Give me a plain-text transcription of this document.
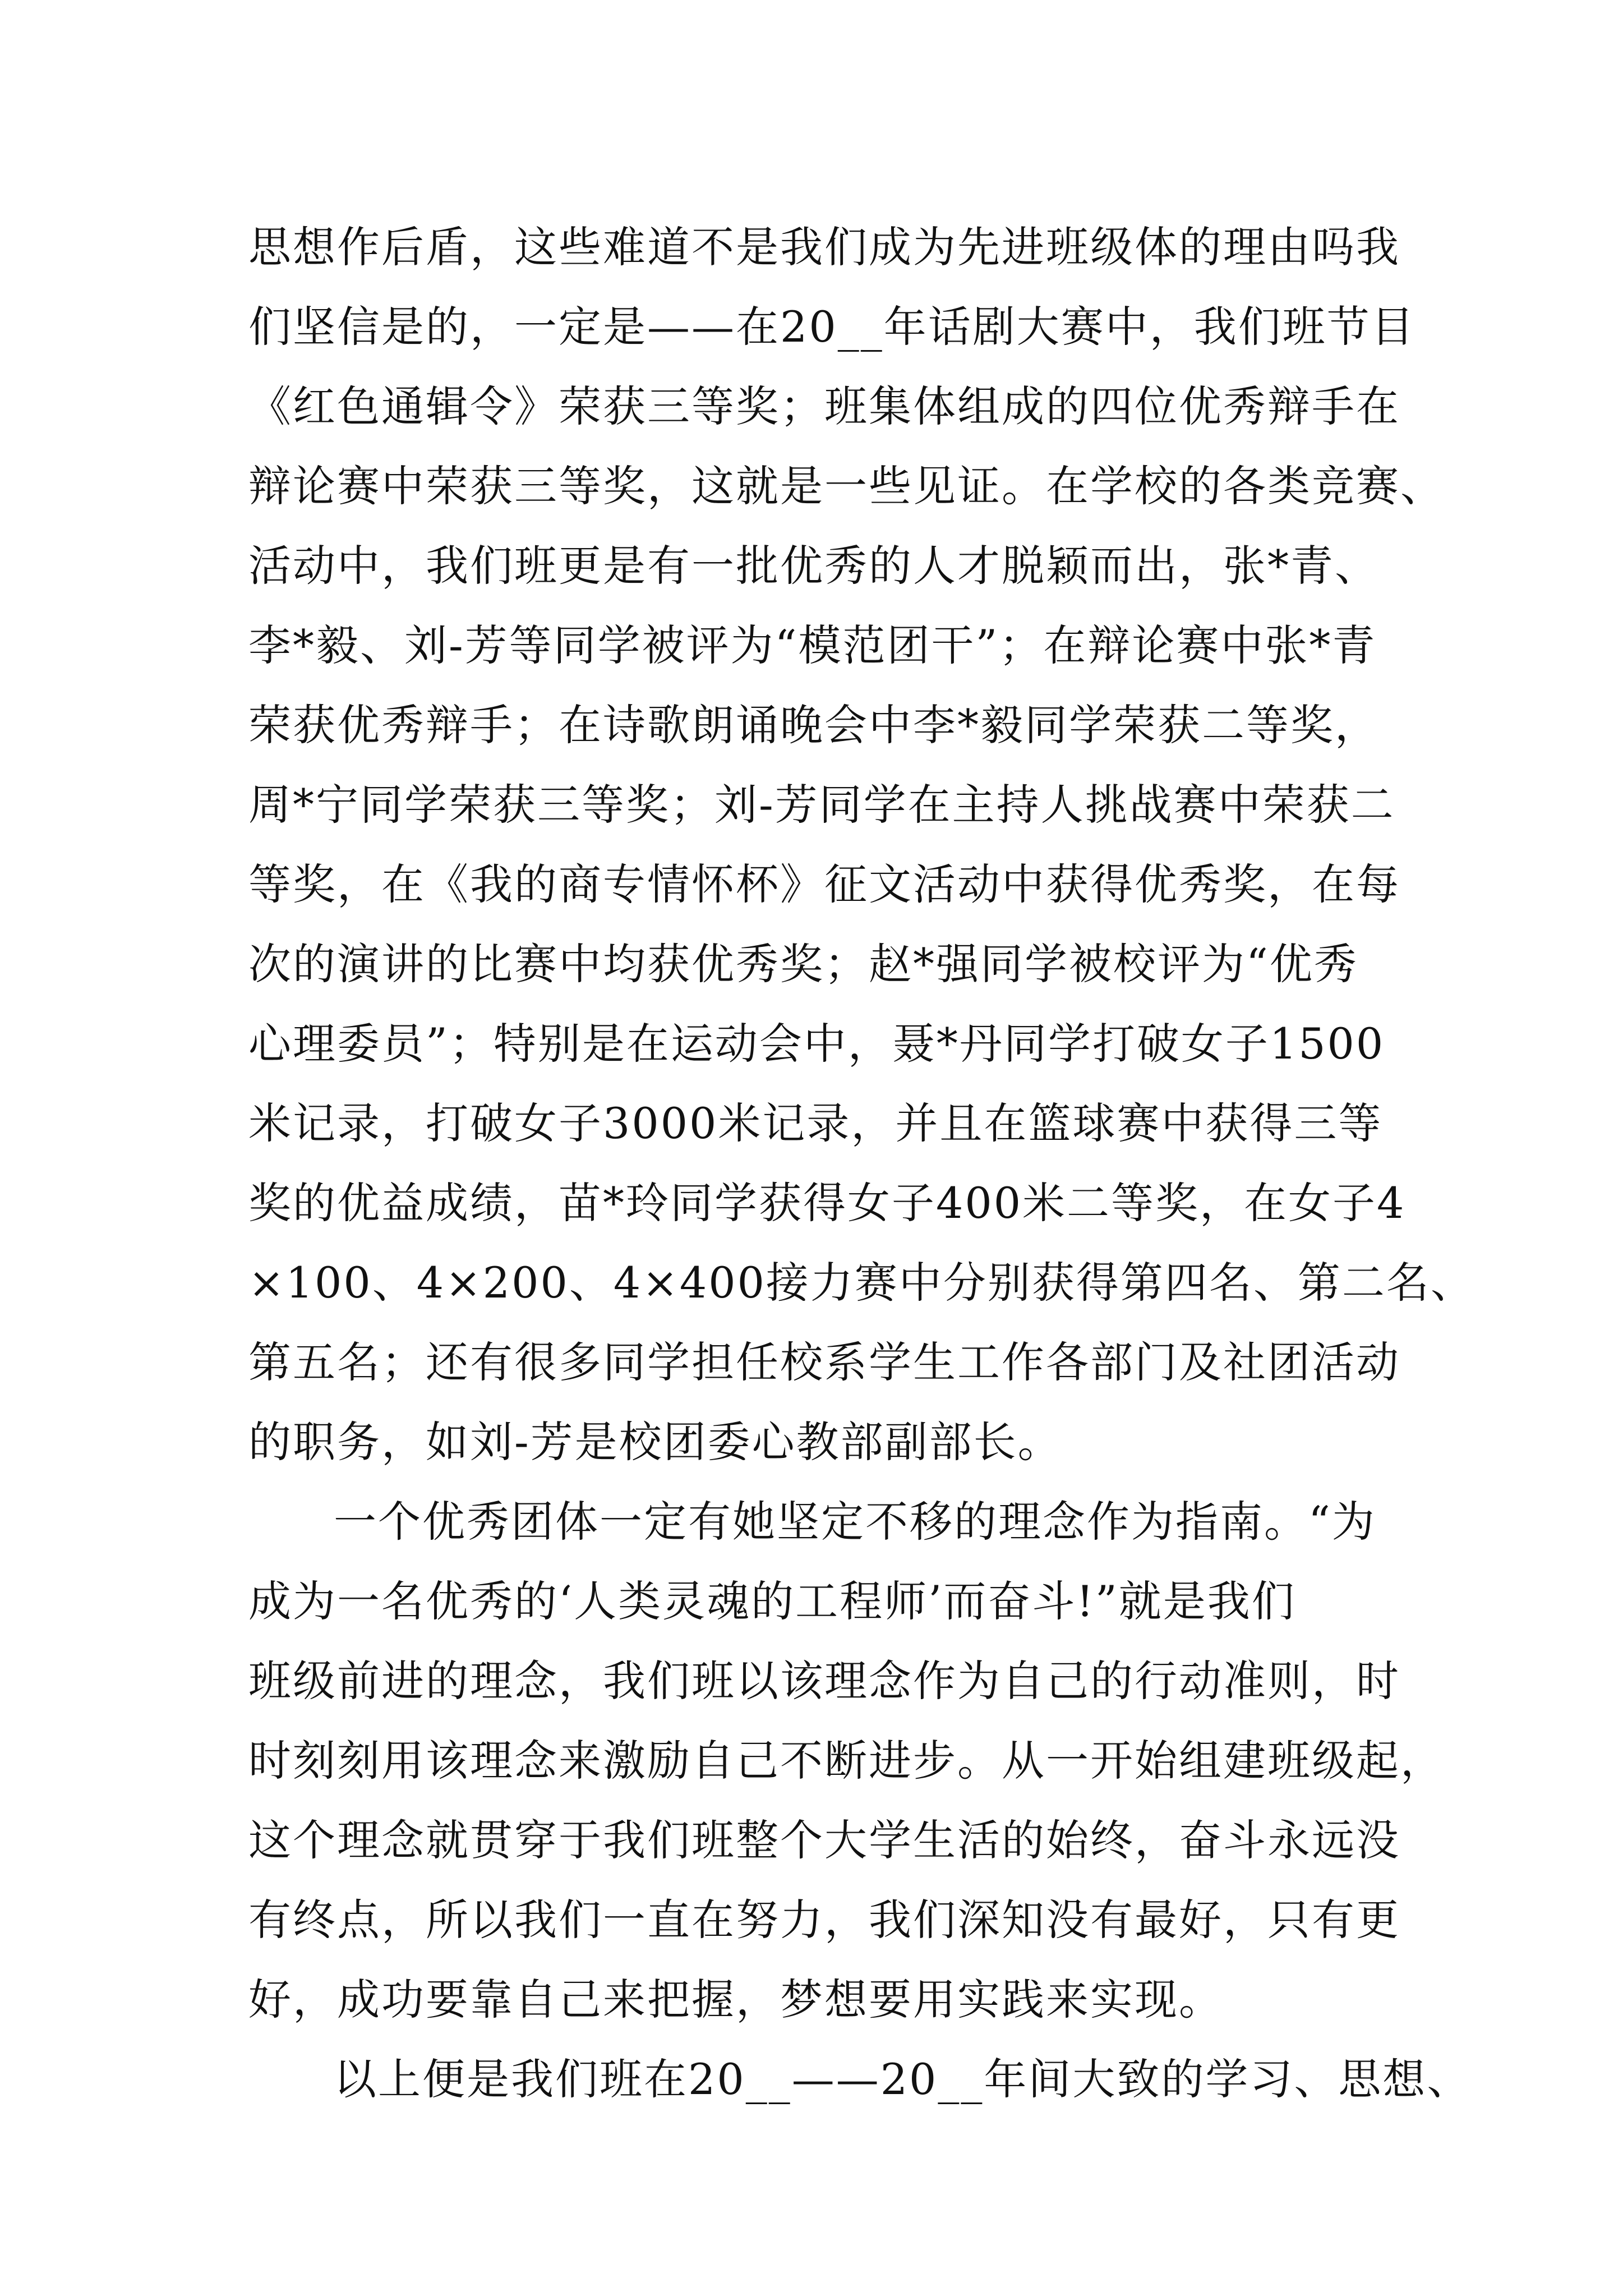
思想作后盾，这些难道不是我们成为先进班级体的理由吗我
们坚信是的，一定是——在20__年话剧大赛中，我们班节目
《红色通辑令》荣获三等奖；班集体组成的四位优秀辩手在
辩论赛中荣获三等奖，这就是一些见证。在学校的各类竞赛、
活动中，我们班更是有一批优秀的人才脱颖而出，张*青、
李*毅、刘-芳等同学被评为“模范团干”；在辩论赛中张*青
荣获优秀辩手；在诗歌朗诵晚会中李*毅同学荣获二等奖，
周*宁同学荣获三等奖；刘-芳同学在主持人挑战赛中荣获二
等奖，在《我的商专情怀杯》征文活动中获得优秀奖，在每
次的演讲的比赛中均获优秀奖；赵*强同学被校评为“优秀
心理委员”；特别是在运动会中，聂*丹同学打破女子1500
米记录，打破女子3000米记录，并且在篮球赛中获得三等
奖的优益成绩，苗*玲同学获得女子400米二等奖，在女子4
×100、4×200、4×400接力赛中分别获得第四名、第二名、
第五名；还有很多同学担任校系学生工作各部门及社团活动
的职务，如刘-芳是校团委心教部副部长。

一个优秀团体一定有她坚定不移的理念作为指南。“为
成为一名优秀的‘人类灵魂的工程师’而奋斗!”就是我们
班级前进的理念，我们班以该理念作为自己的行动准则，时
时刻刻用该理念来激励自己不断进步。从一开始组建班级起，
这个理念就贯穿于我们班整个大学生活的始终，奋斗永远没
有终点，所以我们一直在努力，我们深知没有最好，只有更
好，成功要靠自己来把握，梦想要用实践来实现。

以上便是我们班在20__——20__年间大致的学习、思想、
